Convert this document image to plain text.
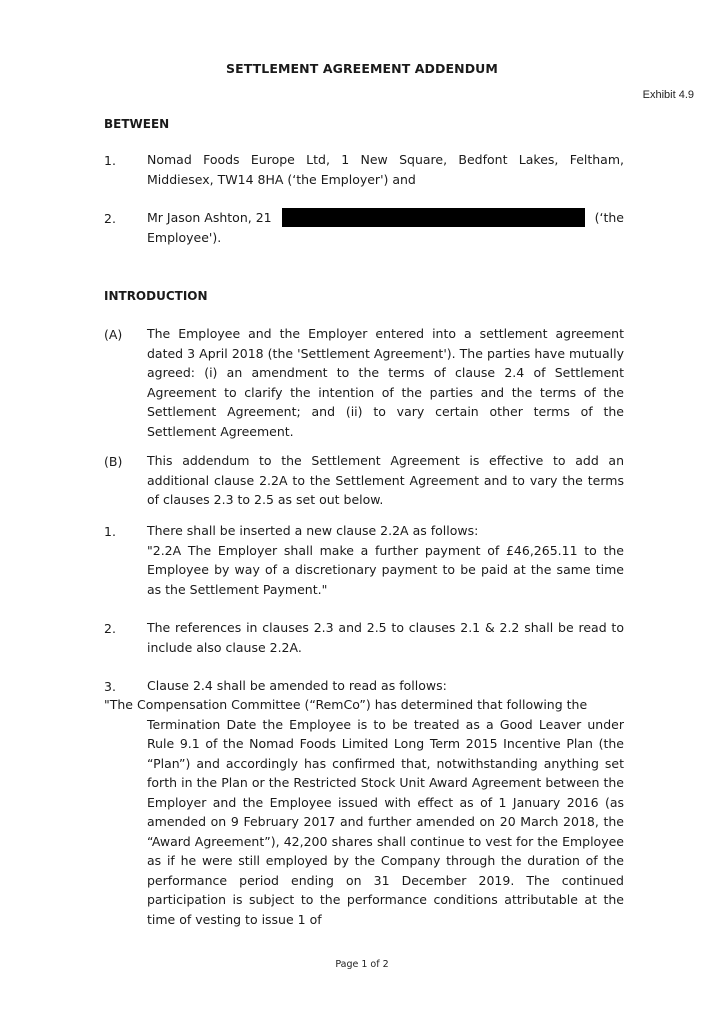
SETTLEMENT AGREEMENT ADDENDUM
Exhibit 4.9
BETWEEN
1. Nomad Foods Europe Ltd, 1 New Square, Bedfont Lakes, Feltham, Middiesex, TW14 8HA (‘the Employer') and
2. Mr Jason Ashton, 21	(‘the
Employee').
INTRODUCTION
(A) The Employee and the Employer entered into a settlement agreement dated 3 April 2018 (the 'Settlement Agreement'). The parties have mutually agreed: (i) an amendment to the terms of clause 2.4 of Settlement Agreement to clarify the intention of the parties and the terms of the Settlement Agreement; and (ii) to vary certain other terms of the Settlement Agreement.
(B) This addendum to the Settlement Agreement is effective to add an additional clause 2.2A to the Settlement Agreement and to vary the terms of clauses 2.3 to 2.5 as set out below.
1. There shall be inserted a new clause 2.2A as follows:
"2.2A The Employer shall make a further payment of £46,265.11 to the Employee by way of a discretionary payment to be paid at the same time as the Settlement Payment."
2. The references in clauses 2.3 and 2.5 to clauses 2.1 & 2.2 shall be read to include also clause 2.2A.
3. Clause 2.4 shall be amended to read as follows:
"The Compensation Committee (“RemCo”) has determined that following the
Termination Date the Employee is to be treated as a Good Leaver under Rule 9.1 of the Nomad Foods Limited Long Term 2015 Incentive Plan (the “Plan”) and accordingly has confirmed that, notwithstanding anything set forth in the Plan or the Restricted Stock Unit Award Agreement between the Employer and the Employee issued with effect as of 1 January 2016 (as amended on 9 February 2017 and further amended on 20 March 2018, the “Award Agreement”), 42,200 shares shall continue to vest for the Employee as if he were still employed by the Company through the duration of the performance period ending on 31 December 2019. The continued participation is subject to the performance conditions attributable at the time of vesting to issue 1 of
Page 1 of 2
